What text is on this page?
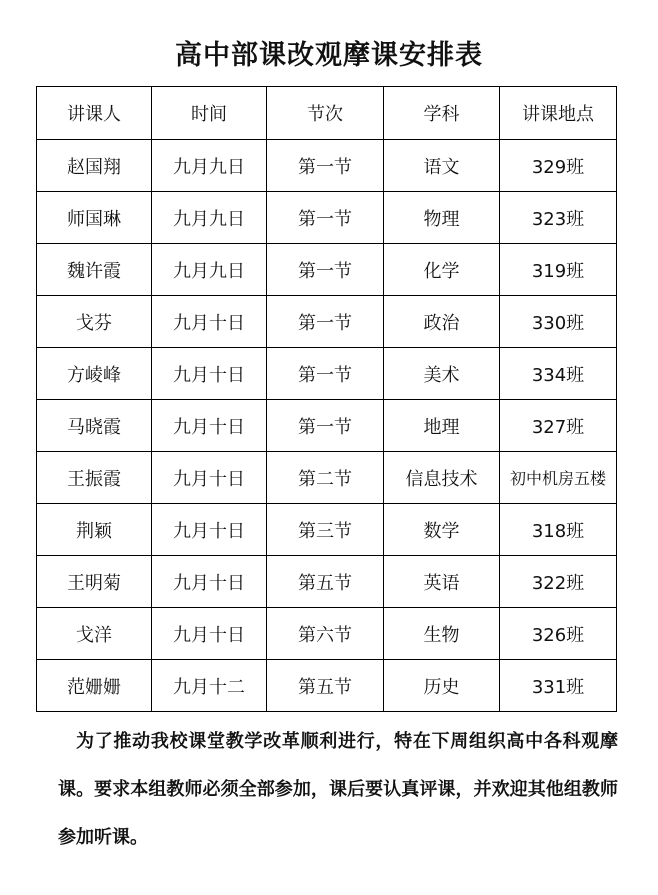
高中部课改观摩课安排表
讲课人	时间	节次	学科	讲课地点
赵国翔	九月九日	第一节	语文	329班
师国琳	九月九日	第一节	物理	323班
魏许霞	九月九日	第一节	化学	319班
戈芬	九月十日	第一节	政治	330班
方崚峰	九月十日	第一节	美术	334班
马晓霞	九月十日	第一节	地理	327班
王振霞	九月十日	第二节	信息技术	初中机房五楼
荆颖	九月十日	第三节	数学	318班
王明菊	九月十日	第五节	英语	322班
戈洋	九月十日	第六节	生物	326班
范姗姗	九月十二	第五节	历史	331班
为了推动我校课堂教学改革顺利进行，特在下周组织高中各科观摩课。要求本组教师必须全部参加，课后要认真评课，并欢迎其他组教师参加听课。
